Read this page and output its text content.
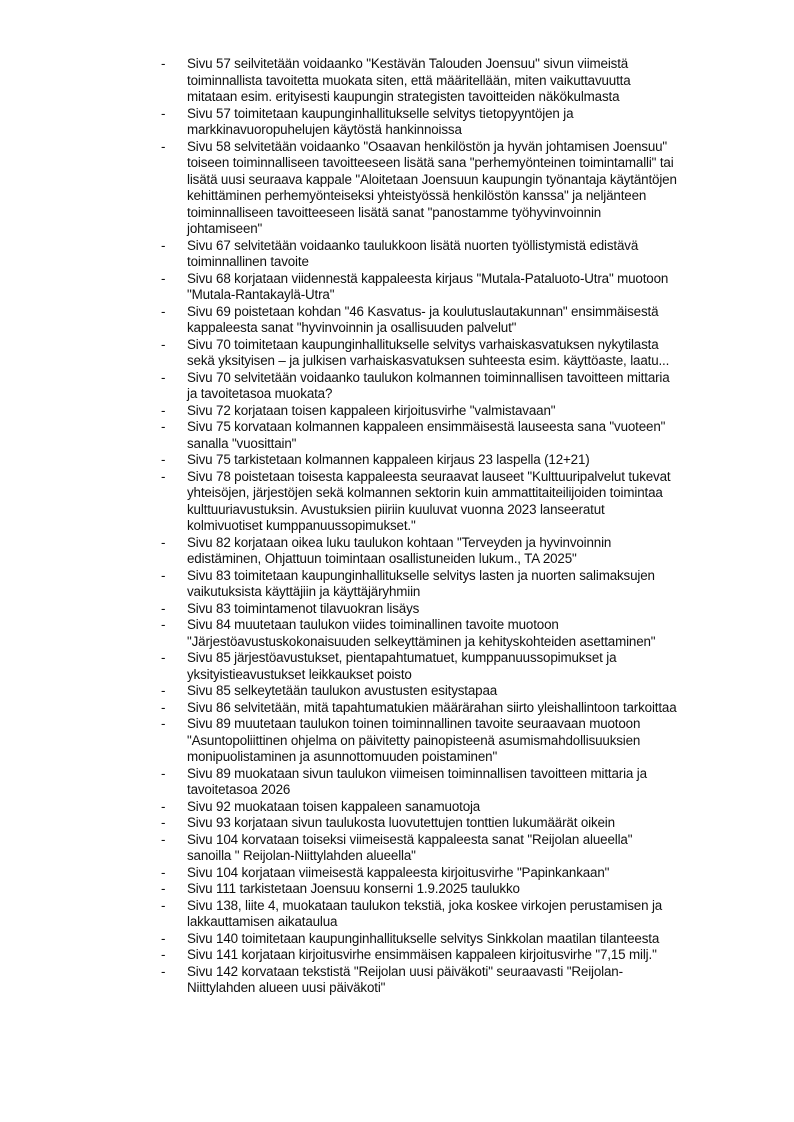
- Sivu 57 seilvitetään voidaanko "Kestävän Talouden Joensuu" sivun viimeistä
toiminnallista tavoitetta muokata siten, että määritellään, miten vaikuttavuutta
mitataan esim. erityisesti kaupungin strategisten tavoitteiden näkökulmasta
- Sivu 57 toimitetaan kaupunginhallitukselle selvitys tietopyyntöjen ja
markkinavuoropuhelujen käytöstä hankinnoissa
- Sivu 58 selvitetään voidaanko "Osaavan henkilöstön ja hyvän johtamisen Joensuu"
toiseen toiminnalliseen tavoitteeseen lisätä sana "perhemyönteinen toimintamalli" tai
lisätä uusi seuraava kappale "Aloitetaan Joensuun kaupungin työnantaja käytäntöjen
kehittäminen perhemyönteiseksi yhteistyössä henkilöstön kanssa" ja neljänteen
toiminnalliseen tavoitteeseen lisätä sanat "panostamme työhyvinvoinnin
johtamiseen"
- Sivu 67 selvitetään voidaanko taulukkoon lisätä nuorten työllistymistä edistävä
toiminnallinen tavoite
- Sivu 68 korjataan viidennestä kappaleesta kirjaus "Mutala-Pataluoto-Utra" muotoon
"Mutala-Rantakaylä-Utra"
- Sivu 69 poistetaan kohdan "46 Kasvatus- ja koulutuslautakunnan" ensimmäisestä
kappaleesta sanat "hyvinvoinnin ja osallisuuden palvelut"
- Sivu 70 toimitetaan kaupunginhallitukselle selvitys varhaiskasvatuksen nykytilasta
sekä yksityisen – ja julkisen varhaiskasvatuksen suhteesta esim. käyttöaste, laatu...
- Sivu 70 selvitetään voidaanko taulukon kolmannen toiminnallisen tavoitteen mittaria
ja tavoitetasoa muokata?
- Sivu 72 korjataan toisen kappaleen kirjoitusvirhe "valmistavaan"
- Sivu 75 korvataan kolmannen kappaleen ensimmäisestä lauseesta sana "vuoteen"
sanalla "vuosittain"
- Sivu 75 tarkistetaan kolmannen kappaleen kirjaus 23 laspella (12+21)
- Sivu 78 poistetaan toisesta kappaleesta seuraavat lauseet "Kulttuuripalvelut tukevat
yhteisöjen, järjestöjen sekä kolmannen sektorin kuin ammattitaiteilijoiden toimintaa
kulttuuriavustuksin. Avustuksien piiriin kuuluvat vuonna 2023 lanseeratut
kolmivuotiset kumppanuussopimukset."
- Sivu 82 korjataan oikea luku taulukon kohtaan "Terveyden ja hyvinvoinnin
edistäminen, Ohjattuun toimintaan osallistuneiden lukum., TA 2025"
- Sivu 83 toimitetaan kaupunginhallitukselle selvitys lasten ja nuorten salimaksujen
vaikutuksista käyttäjiin ja käyttäjäryhmiin
- Sivu 83 toimintamenot tilavuokran lisäys
- Sivu 84 muutetaan taulukon viides toiminallinen tavoite muotoon
"Järjestöavustuskokonaisuuden selkeyttäminen ja kehityskohteiden asettaminen"
- Sivu 85 järjestöavustukset, pientapahtumatuet, kumppanuussopimukset ja
yksityistieavustukset leikkaukset poisto
- Sivu 85 selkeytetään taulukon avustusten esitystapaa
- Sivu 86 selvitetään, mitä tapahtumatukien määrärahan siirto yleishallintoon tarkoittaa
- Sivu 89 muutetaan taulukon toinen toiminnallinen tavoite seuraavaan muotoon
"Asuntopoliittinen ohjelma on päivitetty painopisteenä asumismahdollisuuksien
monipuolistaminen ja asunnottomuuden poistaminen"
- Sivu 89 muokataan sivun taulukon viimeisen toiminnallisen tavoitteen mittaria ja
tavoitetasoa 2026
- Sivu 92 muokataan toisen kappaleen sanamuotoja
- Sivu 93 korjataan sivun taulukosta luovutettujen tonttien lukumäärät oikein
- Sivu 104 korvataan toiseksi viimeisestä kappaleesta sanat "Reijolan alueella"
sanoilla " Reijolan-Niittylahden alueella"
- Sivu 104 korjataan viimeisestä kappaleesta kirjoitusvirhe "Papinkankaan"
- Sivu 111 tarkistetaan Joensuu konserni 1.9.2025 taulukko
- Sivu 138, liite 4, muokataan taulukon tekstiä, joka koskee virkojen perustamisen ja
lakkauttamisen aikataulua
- Sivu 140 toimitetaan kaupunginhallitukselle selvitys Sinkkolan maatilan tilanteesta
- Sivu 141 korjataan kirjoitusvirhe ensimmäisen kappaleen kirjoitusvirhe "7,15 milj."
- Sivu 142 korvataan tekstistä "Reijolan uusi päiväkoti" seuraavasti "Reijolan-
Niittylahden alueen uusi päiväkoti"
